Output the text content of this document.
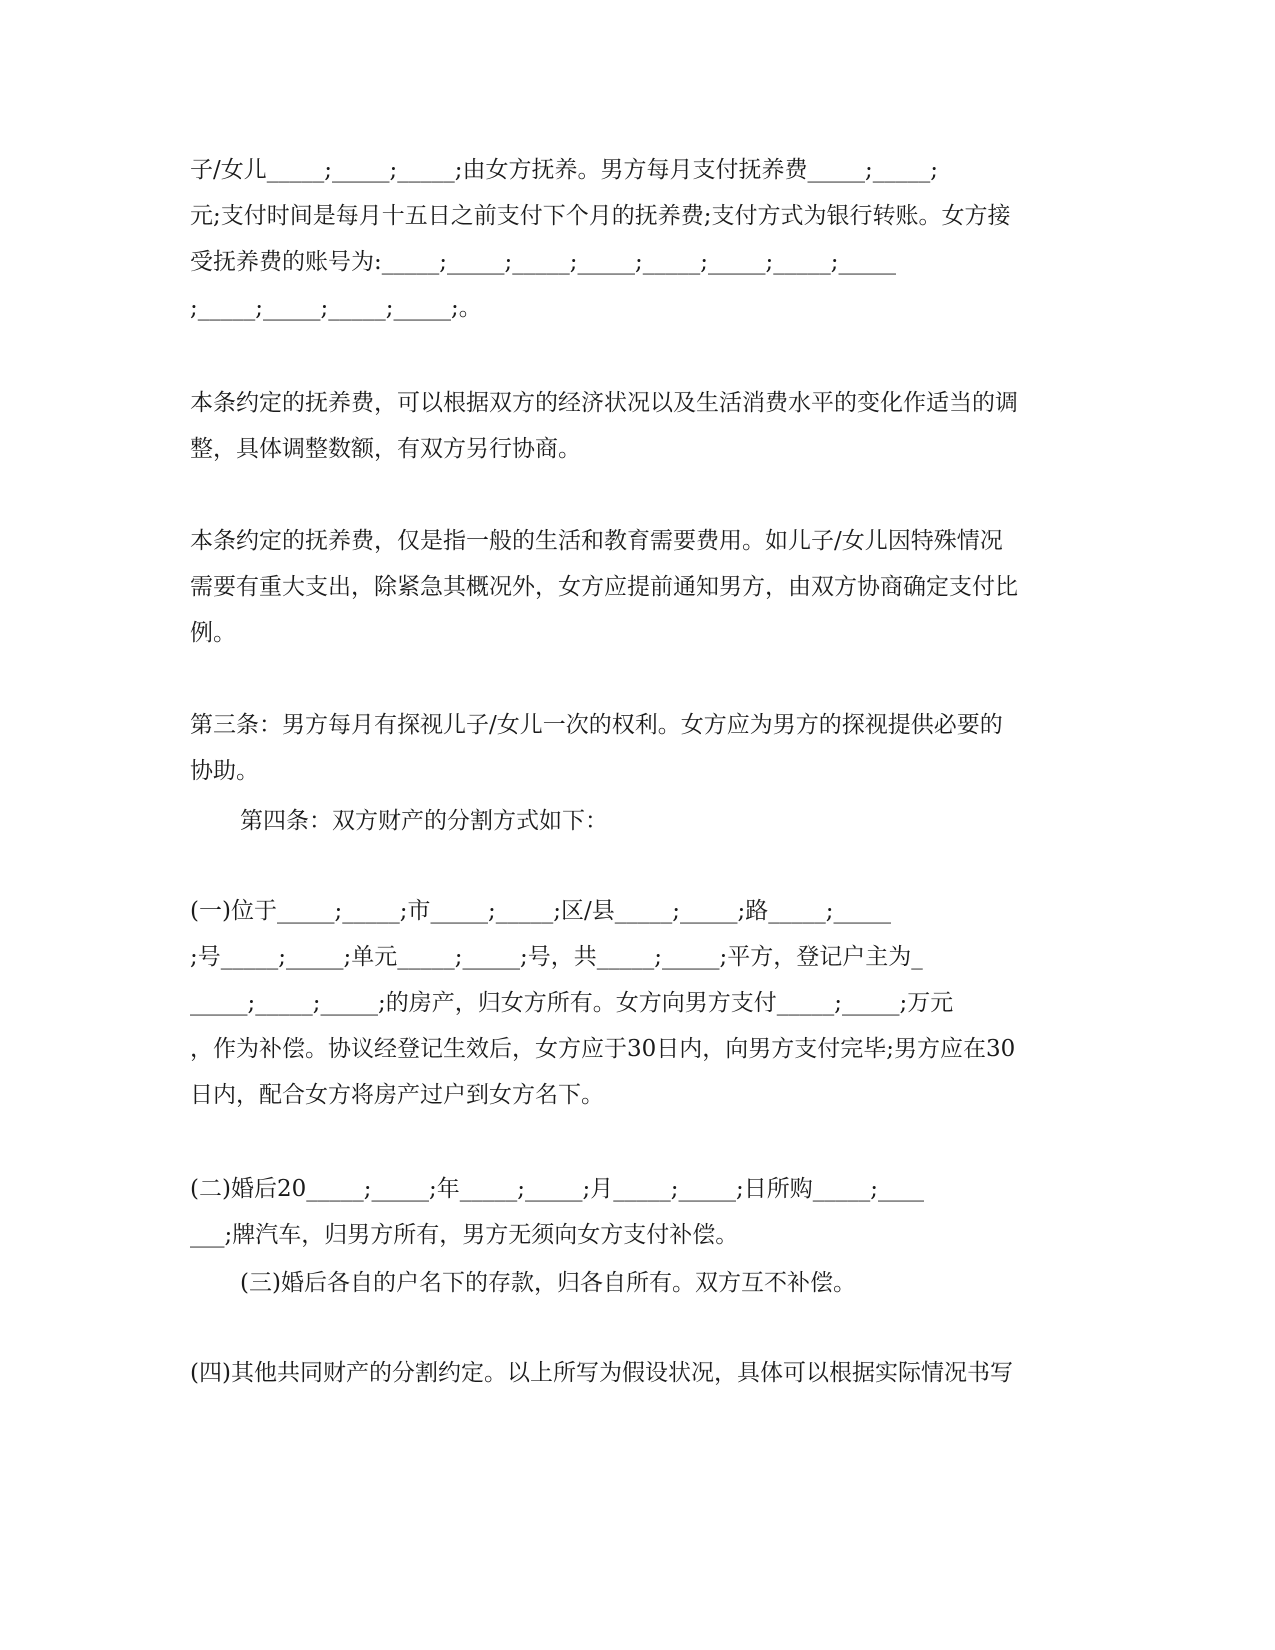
子/女儿_____;_____;_____;由女方抚养。男方每月支付抚养费_____;_____;
元;支付时间是每月十五日之前支付下个月的抚养费;支付方式为银行转账。女方接
受抚养费的账号为:_____;_____;_____;_____;_____;_____;_____;_____
;_____;_____;_____;_____;。
本条约定的抚养费，可以根据双方的经济状况以及生活消费水平的变化作适当的调
整，具体调整数额，有双方另行协商。
本条约定的抚养费，仅是指一般的生活和教育需要费用。如儿子/女儿因特殊情况
需要有重大支出，除紧急其概况外，女方应提前通知男方，由双方协商确定支付比
例。
第三条：男方每月有探视儿子/女儿一次的权利。女方应为男方的探视提供必要的
协助。
第四条：双方财产的分割方式如下：
(一)位于_____;_____;市_____;_____;区/县_____;_____;路_____;_____
;号_____;_____;单元_____;_____;号，共_____;_____;平方，登记户主为_
_____;_____;_____;的房产，归女方所有。女方向男方支付_____;_____;万元
，作为补偿。协议经登记生效后，女方应于30日内，向男方支付完毕;男方应在30
日内，配合女方将房产过户到女方名下。
(二)婚后20_____;_____;年_____;_____;月_____;_____;日所购_____;____
___;牌汽车，归男方所有，男方无须向女方支付补偿。
(三)婚后各自的户名下的存款，归各自所有。双方互不补偿。
(四)其他共同财产的分割约定。以上所写为假设状况，具体可以根据实际情况书写
